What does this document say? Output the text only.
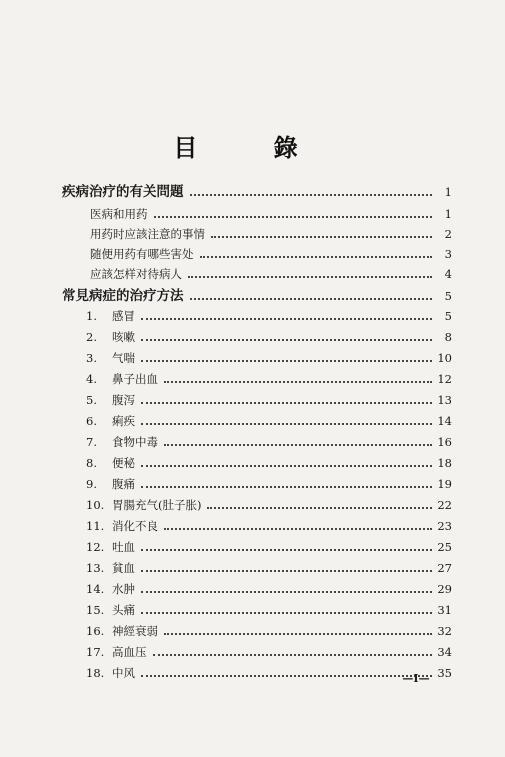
目 錄
疾病治疗的有关問題	1
医病和用药	1
用药时应該注意的事情	2
随便用药有哪些害处	3
应該怎样对待病人	4
常見病症的治疗方法	5
1.	感冒	5
2.	咳嗽	8
3.	气喘	10
4.	鼻子出血	12
5.	腹泻	13
6.	痢疾	14
7.	食物中毒	16
8.	便秘	18
9.	腹痛	19
10. 胃腸充气(肚子胀)	22
11. 消化不良	23
12. 吐血	25
13. 貧血	27
14. 水肿	29
15. 头痛	31
16. 神經衰弱	32
17. 高血压	34
18. 中风	35
—I—
